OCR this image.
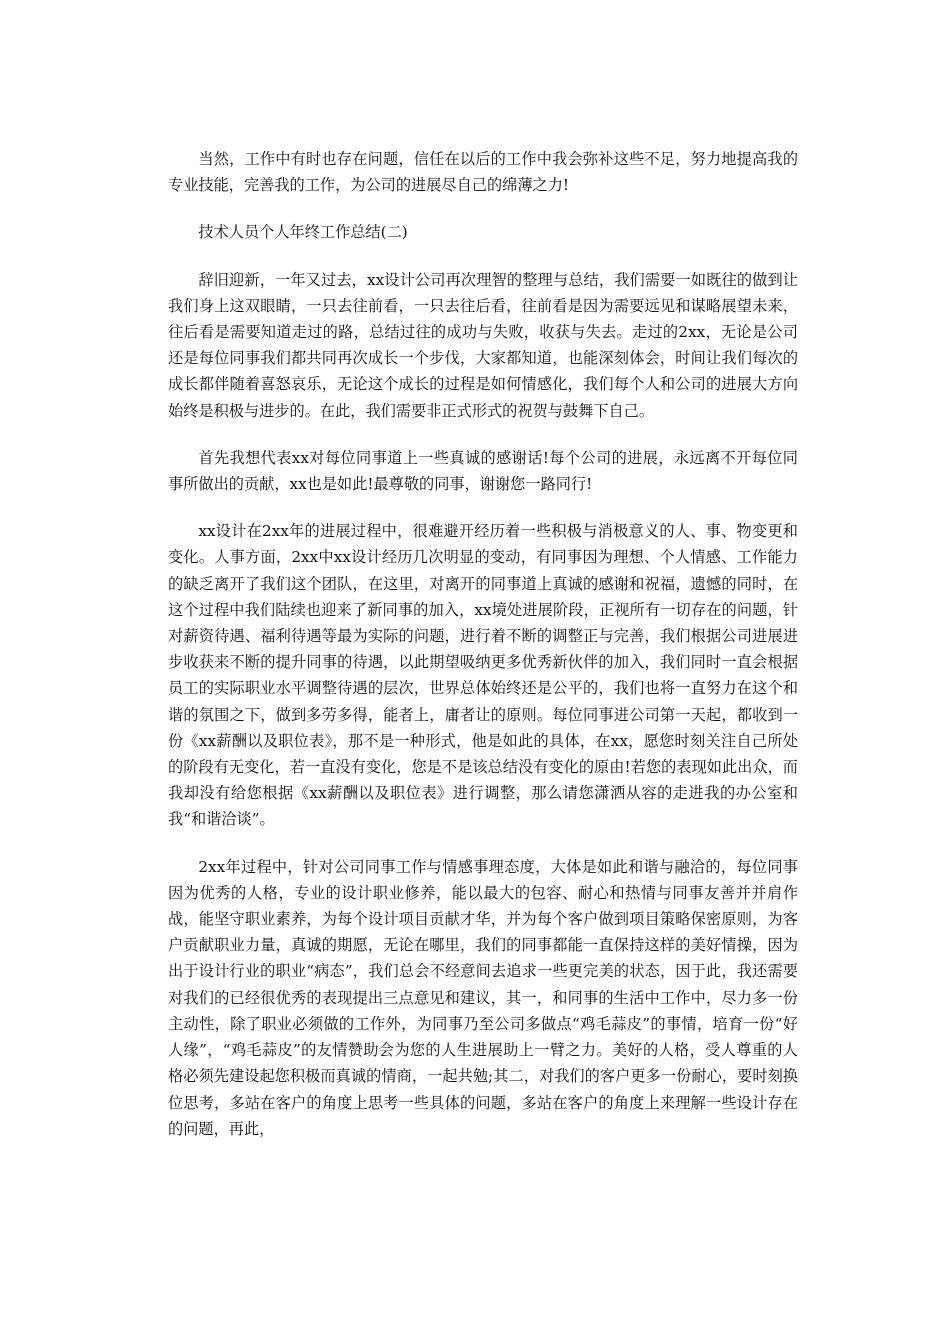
当然，工作中有时也存在问题，信任在以后的工作中我会弥补这些不足，努力地提高我的专业技能，完善我的工作，为公司的进展尽自己的绵薄之力!

技术人员个人年终工作总结(二)

辞旧迎新，一年又过去，xx设计公司再次理智的整理与总结，我们需要一如既往的做到让我们身上这双眼睛，一只去往前看，一只去往后看，往前看是因为需要远见和谋略展望未来，往后看是需要知道走过的路，总结过往的成功与失败，收获与失去。走过的2xx，无论是公司还是每位同事我们都共同再次成长一个步伐，大家都知道，也能深刻体会，时间让我们每次的成长都伴随着喜怒哀乐，无论这个成长的过程是如何情感化，我们每个人和公司的进展大方向始终是积极与进步的。在此，我们需要非正式形式的祝贺与鼓舞下自己。

首先我想代表xx对每位同事道上一些真诚的感谢话!每个公司的进展，永远离不开每位同事所做出的贡献，xx也是如此!最尊敬的同事，谢谢您一路同行!

xx设计在2xx年的进展过程中，很难避开经历着一些积极与消极意义的人、事、物变更和变化。人事方面，2xx中xx设计经历几次明显的变动，有同事因为理想、个人情感、工作能力的缺乏离开了我们这个团队，在这里，对离开的同事道上真诚的感谢和祝福，遗憾的同时，在这个过程中我们陆续也迎来了新同事的加入，xx境处进展阶段，正视所有一切存在的问题，针对薪资待遇、福利待遇等最为实际的问题，进行着不断的调整正与完善，我们根据公司进展进步收获来不断的提升同事的待遇，以此期望吸纳更多优秀新伙伴的加入，我们同时一直会根据员工的实际职业水平调整待遇的层次，世界总体始终还是公平的，我们也将一直努力在这个和谐的氛围之下，做到多劳多得，能者上，庸者让的原则。每位同事进公司第一天起，都收到一份《xx薪酬以及职位表》，那不是一种形式，他是如此的具体，在xx，愿您时刻关注自己所处的阶段有无变化，若一直没有变化，您是不是该总结没有变化的原由!若您的表现如此出众，而我却没有给您根据《xx薪酬以及职位表》进行调整，那么请您潇洒从容的走进我的办公室和我“和谐洽谈”。

2xx年过程中，针对公司同事工作与情感事理态度，大体是如此和谐与融洽的，每位同事因为优秀的人格，专业的设计职业修养，能以最大的包容、耐心和热情与同事友善并并肩作战，能坚守职业素养，为每个设计项目贡献才华，并为每个客户做到项目策略保密原则，为客户贡献职业力量，真诚的期愿，无论在哪里，我们的同事都能一直保持这样的美好情操，因为出于设计行业的职业“病态”，我们总会不经意间去追求一些更完美的状态，因于此，我还需要对我们的已经很优秀的表现提出三点意见和建议，其一，和同事的生活中工作中，尽力多一份主动性，除了职业必须做的工作外，为同事乃至公司多做点“鸡毛蒜皮”的事情，培育一份“好人缘”，“鸡毛蒜皮”的友情赞助会为您的人生进展助上一臂之力。美好的人格，受人尊重的人格必须先建设起您积极而真诚的情商，一起共勉;其二，对我们的客户更多一份耐心，要时刻换位思考，多站在客户的角度上思考一些具体的问题，多站在客户的角度上来理解一些设计存在的问题，再此，
